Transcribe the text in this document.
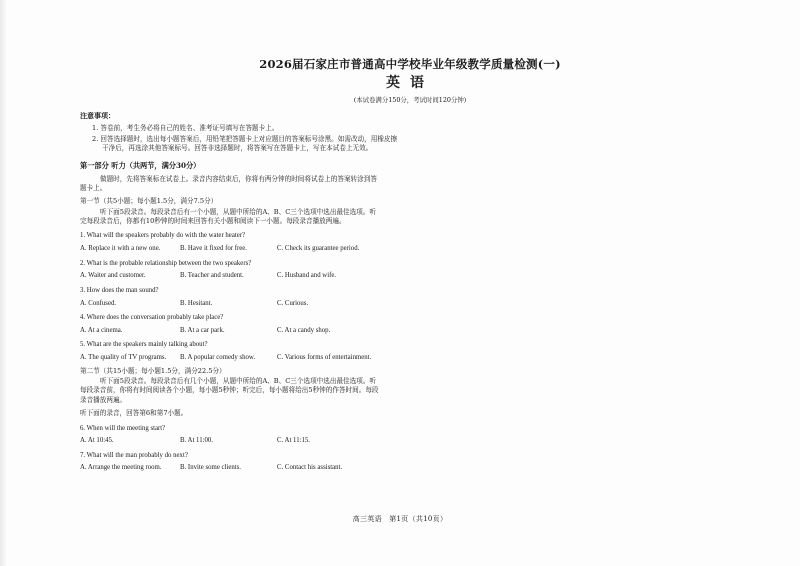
2026届石家庄市普通高中学校毕业年级教学质量检测(一)
英语
(本试卷满分150分，考试时间120分钟)
注意事项：
1. 答卷前，考生务必将自己的姓名、准考证号填写在答题卡上。
2. 回答选择题时，选出每小题答案后，用铅笔把答题卡上对应题目的答案标号涂黑。如需改动，用橡皮擦干净后，再选涂其他答案标号。回答非选择题时，将答案写在答题卡上，写在本试卷上无效。
第一部分 听力（共两节，满分30分）
做题时，先将答案标在试卷上。录音内容结束后，你将有两分钟的时间将试卷上的答案转涂到答题卡上。
第一节（共5小题；每小题1.5分，满分7.5分）
听下面5段录音。每段录音后有一个小题，从题中所给的A、B、C三个选项中选出最佳选项。听完每段录音后，你都有10秒钟的时间来回答有关小题和阅读下一小题。每段录音播放两遍。
1. What will the speakers probably do with the water heater?
A. Replace it with a new one.	B. Have it fixed for free.	C. Check its guarantee period.
2. What is the probable relationship between the two speakers?
A. Waiter and customer.	B. Teacher and student.	C. Husband and wife.
3. How does the man sound?
A. Confused.	B. Hesitant.	C. Curious.
4. Where does the conversation probably take place?
A. At a cinema.	B. At a car park.	C. At a candy shop.
5. What are the speakers mainly talking about?
A. The quality of TV programs.	B. A popular comedy show.	C. Various forms of entertainment.
第二节（共15小题；每小题1.5分，满分22.5分）
听下面5段录音。每段录音后有几个小题，从题中所给的A、B、C三个选项中选出最佳选项。听每段录音前，你将有时间阅读各个小题，每小题5秒钟；听完后，每小题将给出5秒钟的作答时间。每段录音播放两遍。
听下面的录音，回答第6和第7小题。
6. When will the meeting start?
A. At 10:45.	B. At 11:00.	C. At 11:15.
7. What will the man probably do next?
A. Arrange the meeting room.	B. Invite some clients.	C. Contact his assistant.
高三英语　第1页（共10页）
